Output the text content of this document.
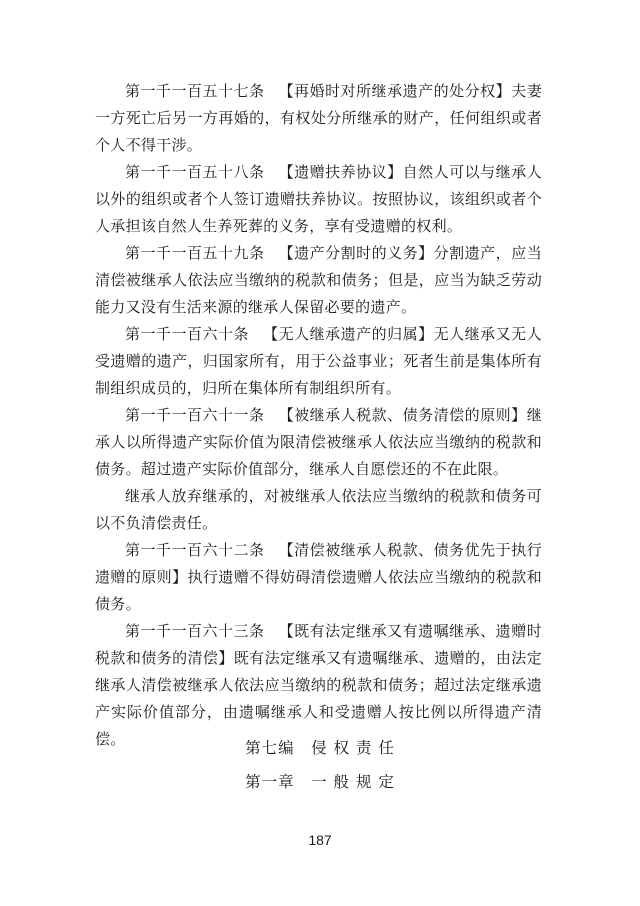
第一千一百五十七条 【再婚时对所继承遗产的处分权】夫妻一方死亡后另一方再婚的，有权处分所继承的财产，任何组织或者个人不得干涉。

第一千一百五十八条 【遗赠扶养协议】自然人可以与继承人以外的组织或者个人签订遗赠扶养协议。按照协议，该组织或者个人承担该自然人生养死葬的义务，享有受遗赠的权利。

第一千一百五十九条 【遗产分割时的义务】分割遗产，应当清偿被继承人依法应当缴纳的税款和债务；但是，应当为缺乏劳动能力又没有生活来源的继承人保留必要的遗产。

第一千一百六十条 【无人继承遗产的归属】无人继承又无人受遗赠的遗产，归国家所有，用于公益事业；死者生前是集体所有制组织成员的，归所在集体所有制组织所有。

第一千一百六十一条 【被继承人税款、债务清偿的原则】继承人以所得遗产实际价值为限清偿被继承人依法应当缴纳的税款和债务。超过遗产实际价值部分，继承人自愿偿还的不在此限。

继承人放弃继承的，对被继承人依法应当缴纳的税款和债务可以不负清偿责任。

第一千一百六十二条 【清偿被继承人税款、债务优先于执行遗赠的原则】执行遗赠不得妨碍清偿遗赠人依法应当缴纳的税款和债务。

第一千一百六十三条 【既有法定继承又有遗嘱继承、遗赠时税款和债务的清偿】既有法定继承又有遗嘱继承、遗赠的，由法定继承人清偿被继承人依法应当缴纳的税款和债务；超过法定继承遗产实际价值部分，由遗嘱继承人和受遗赠人按比例以所得遗产清偿。	第七编　侵 权 责 任
第一章　一 般 规 定
187
